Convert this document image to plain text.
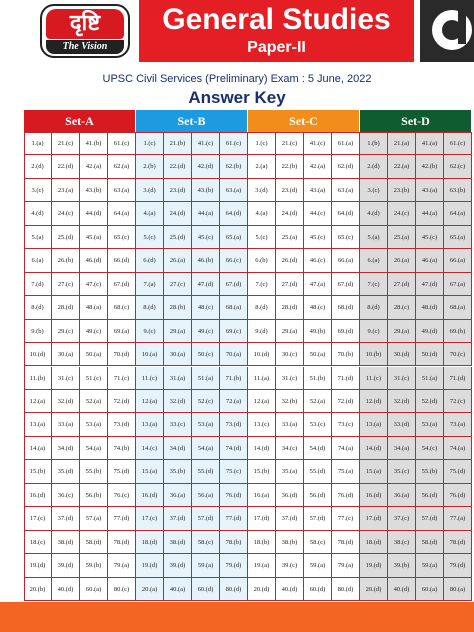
दृष्टि
The Vision
General Studies
Paper-II
UPSC Civil Services (Preliminary) Exam : 5 June, 2022
Answer Key
Set-A
1.(a)	21.(c)	41.(b)	61.(c)
2.(d)	22.(d)	42.(a)	62.(a)
3.(c)	23.(a)	43.(b)	63.(a)
4.(d)	24.(c)	44.(d)	64.(a)
5.(a)	25.(d)	45.(a)	65.(c)
6.(a)	26.(b)	46.(d)	66.(d)
7.(d)	27.(c)	47.(c)	67.(d)
8.(d)	28.(d)	48.(a)	68.(c)
9.(b)	29.(c)	49.(c)	69.(a)
10.(d)	30.(a)	50.(a)	70.(d)
11.(b)	31.(c)	51.(c)	71.(c)
12.(a)	32.(d)	52.(a)	72.(d)
13.(a)	33.(a)	53.(a)	73.(d)
14.(a)	34.(d)	54.(a)	74.(b)
15.(b)	35.(d)	55.(b)	75.(d)
16.(d)	36.(c)	56.(b)	76.(c)
17.(c)	37.(d)	57.(a)	77.(d)
18.(c)	38.(d)	58.(d)	78.(d)
19.(d)	39.(d)	59.(b)	79.(a)
20.(b)	40.(d)	60.(a)	80.(c)
Set-B
1.(c)	21.(b)	41.(c)	61.(c)
2.(b)	22.(d)	42.(d)	62.(b)
3.(d)	23.(d)	43.(b)	63.(a)
4.(a)	24.(d)	44.(a)	64.(d)
5.(c)	25.(d)	45.(c)	65.(a)
6.(d)	26.(a)	46.(b)	66.(c)
7.(a)	27.(c)	47.(d)	67.(d)
8.(d)	28.(b)	48.(c)	68.(a)
9.(c)	29.(a)	49.(c)	69.(c)
10.(a)	30.(a)	50.(c)	70.(a)
11.(c)	31.(a)	51.(a)	71.(b)
12.(a)	32.(d)	52.(c)	72.(a)
13.(a)	33.(c)	53.(a)	73.(d)
14.(c)	34.(d)	54.(a)	74.(d)
15.(a)	35.(b)	55.(d)	75.(c)
16.(d)	36.(a)	56.(a)	76.(d)
17.(c)	37.(d)	57.(d)	77.(d)
18.(d)	38.(d)	58.(c)	78.(b)
19.(d)	39.(d)	59.(a)	79.(d)
20.(a)	40.(a)	60.(d)	80.(d)
Set-C
1.(c)	21.(c)	41.(c)	61.(a)
2.(a)	22.(b)	42.(a)	62.(d)
3.(d)	23.(d)	43.(a)	63.(a)
4.(a)	24.(d)	44.(c)	64.(d)
5.(c)	25.(a)	45.(c)	65.(c)
6.(b)	26.(d)	46.(c)	66.(a)
7.(c)	27.(d)	47.(a)	67.(d)
8.(d)	28.(d)	48.(c)	68.(d)
9.(d)	29.(a)	49.(b)	69.(d)
10.(d)	30.(c)	50.(a)	70.(b)
11.(a)	31.(c)	51.(b)	71.(d)
12.(a)	32.(b)	52.(a)	72.(d)
13.(c)	33.(a)	53.(c)	73.(c)
14.(d)	34.(c)	54.(d)	74.(a)
15.(b)	35.(a)	55.(d)	75.(a)
16.(a)	36.(d)	56.(d)	76.(d)
17.(d)	37.(d)	57.(d)	77.(c)
18.(b)	38.(b)	58.(c)	78.(d)
19.(a)	39.(c)	59.(a)	79.(a)
20.(d)	40.(d)	60.(d)	80.(d)
Set-D
1.(b)	21.(a)	41.(a)	61.(c)
2.(d)	22.(a)	42.(b)	62.(c)
3.(c)	23.(b)	43.(a)	63.(b)
4.(d)	24.(c)	44.(a)	64.(a)
5.(a)	25.(a)	45.(c)	65.(a)
6.(a)	26.(a)	46.(a)	66.(a)
7.(c)	27.(d)	47.(d)	67.(a)
8.(d)	28.(c)	48.(d)	68.(a)
9.(c)	29.(a)	49.(d)	69.(b)
10.(b)	30.(d)	50.(d)	70.(c)
11.(c)	31.(c)	51.(a)	71.(d)
12.(d)	32.(d)	52.(d)	72.(c)
13.(a)	33.(d)	53.(a)	73.(a)
14.(d)	34.(a)	54.(c)	74.(a)
15.(a)	35.(c)	55.(b)	75.(d)
16.(d)	36.(a)	56.(d)	76.(d)
17.(d)	37.(c)	57.(d)	77.(a)
18.(d)	38.(c)	58.(d)	78.(d)
19.(d)	39.(b)	59.(a)	79.(d)
20.(d)	40.(d)	60.(a)	80.(a)
